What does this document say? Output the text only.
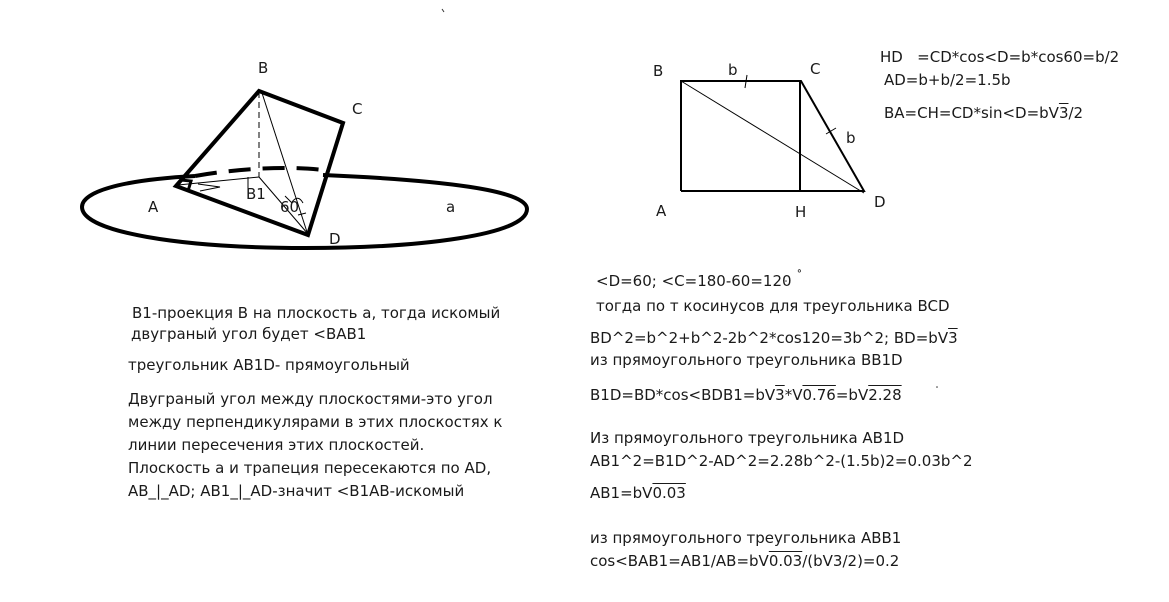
B
C
A
B1
60
D
a
B	b	C
b
A	H
D
HD =CD*cos<D=b*cos60=b/2
AD=b+b/2=1.5b
BA=CH=CD*sin<D=bV3/2
B1-проекция B на плоскость a, тогда искомый
двуграный угол будет <BAB1
треугольник AB1D- прямоугольный
Двуграный угол между плоскостями-это угол
между перпендикулярами в этих плоскостях к
линии пересечения этих плоскостей.
Плоскость a и трапеция пересекаются по AD,
AB_|_AD; AB1_|_AD-значит <B1AB-искомый
<D=60; <C=180-60=120 ˚
тогда по т косинусов для треугольника BCD
BD^2=b^2+b^2-2b^2*cos120=3b^2; BD=bV3
из прямоугольного треугольника BB1D
B1D=BD*cos<BDB1=bV3*V0.76=bV2.28
Из прямоугольного треугольника AB1D
AB1^2=B1D^2-AD^2=2.28b^2-(1.5b)2=0.03b^2
AB1=bV0.03
из прямоугольного треугольника ABB1
cos<BAB1=AB1/AB=bV0.03/(bV3/2)=0.2
